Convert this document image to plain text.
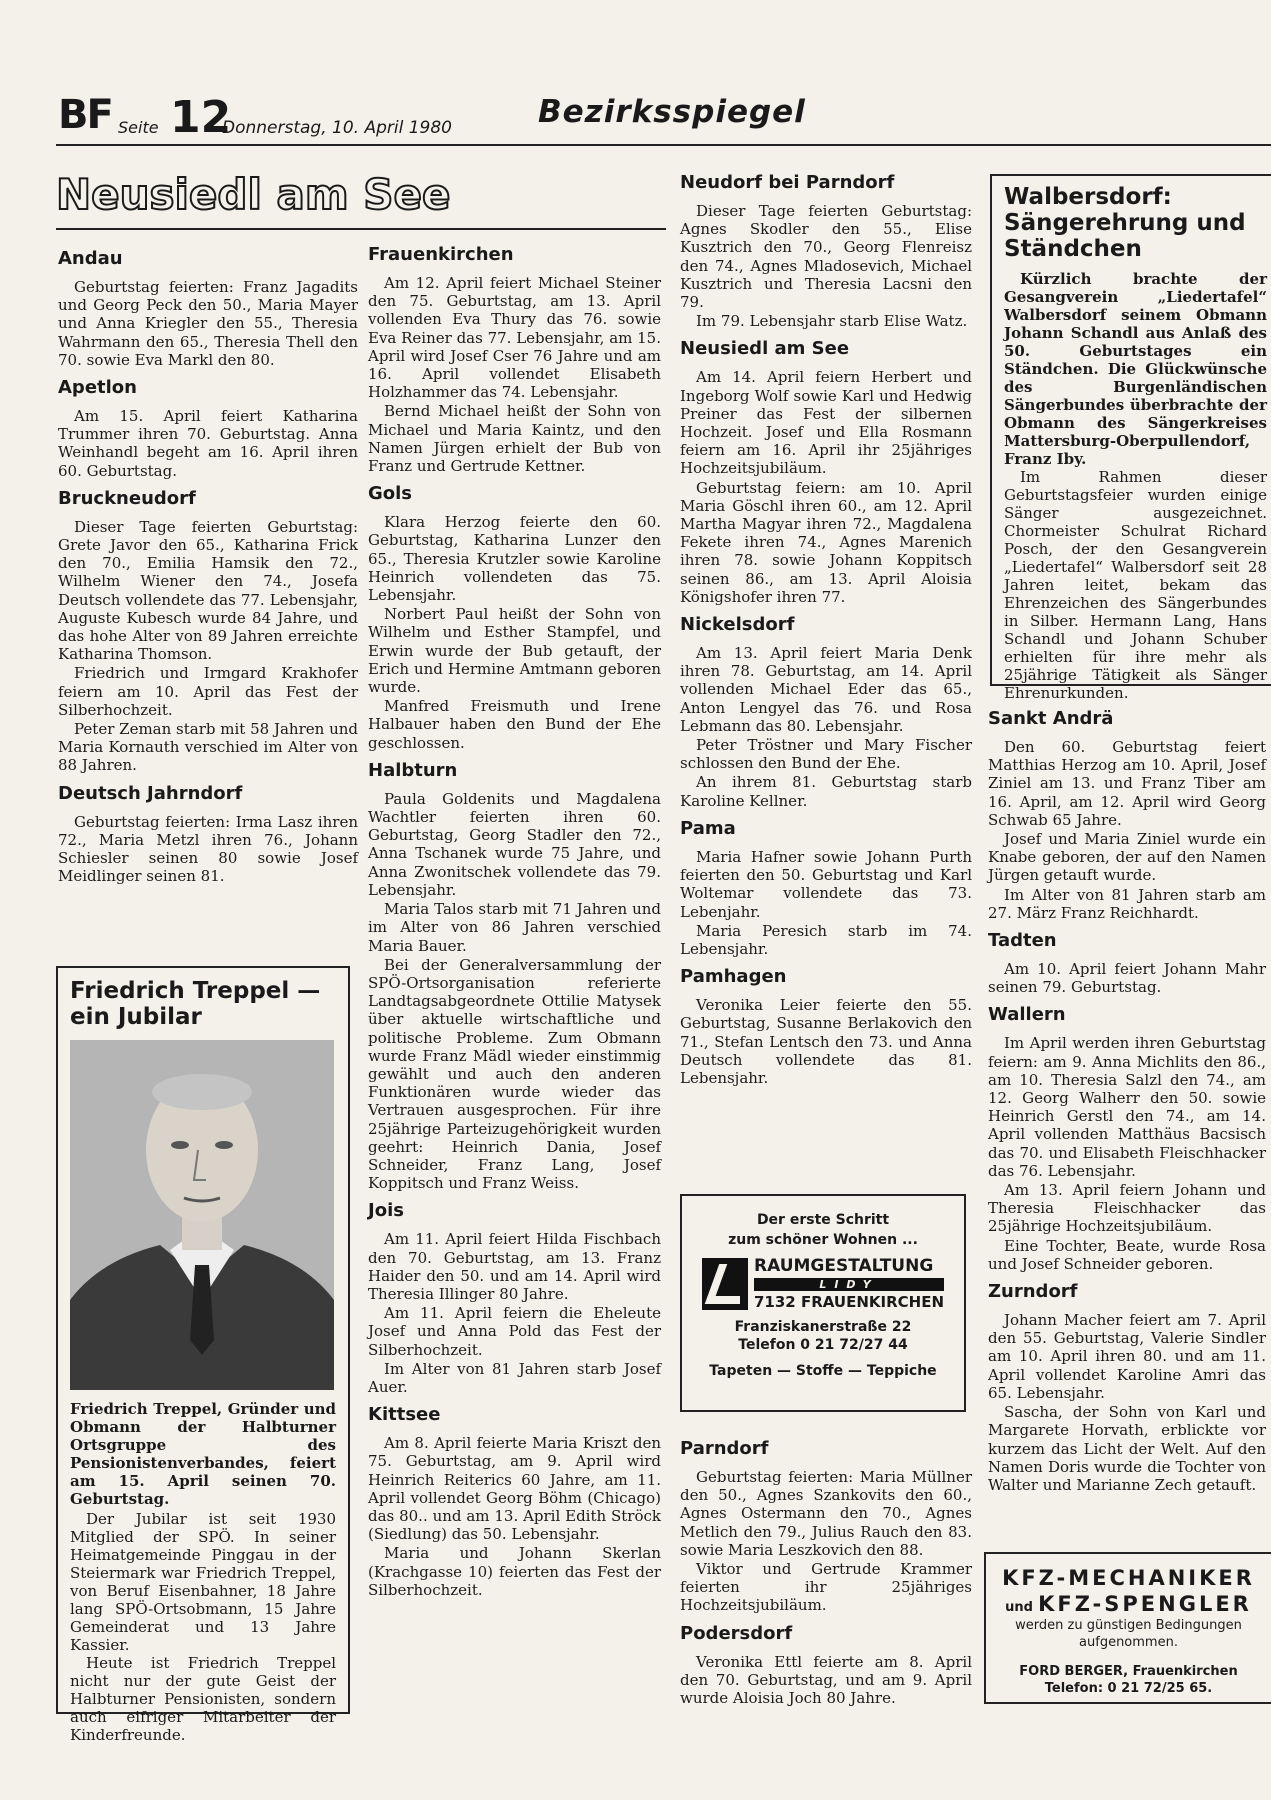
BF Seite 12
Donnerstag, 10. April 1980	Bezirksspiegel
Neusiedl am See
Andau

Geburtstag feierten: Franz Jagadits und Georg Peck den 50., Maria Mayer und Anna Kriegler den 55., Theresia Wahrmann den 65., Theresia Thell den 70. sowie Eva Markl den 80.

Apetlon

Am 15. April feiert Katharina Trummer ihren 70. Geburtstag. Anna Weinhandl begeht am 16. April ihren 60. Geburtstag.

Bruckneudorf

Dieser Tage feierten Geburtstag: Grete Javor den 65., Katharina Frick den 70., Emilia Hamsik den 72., Wilhelm Wiener den 74., Josefa Deutsch vollendete das 77. Lebensjahr, Auguste Kubesch wurde 84 Jahre, und das hohe Alter von 89 Jahren erreichte Katharina Thomson.

Friedrich und Irmgard Krakhofer feiern am 10. April das Fest der Silberhochzeit.

Peter Zeman starb mit 58 Jahren und Maria Kornauth verschied im Alter von 88 Jahren.

Deutsch Jahrndorf

Geburtstag feierten: Irma Lasz ihren 72., Maria Metzl ihren 76., Johann Schiesler seinen 80 sowie Josef Meidlinger seinen 81.

Friedrich Treppel — ein Jubilar
Friedrich Treppel, Gründer und Obmann der Halbturner Ortsgruppe des Pensionistenverbandes, feiert am 15. April seinen 70. Geburtstag.

Der Jubilar ist seit 1930 Mitglied der SPÖ. In seiner Heimatgemeinde Pinggau in der Steiermark war Friedrich Treppel, von Beruf Eisenbahner, 18 Jahre lang SPÖ-Ortsobmann, 15 Jahre Gemeinderat und 13 Jahre Kassier.

Heute ist Friedrich Treppel nicht nur der gute Geist der Halbturner Pensionisten, sondern auch eifriger Mitarbeiter der Kinderfreunde.

Frauenkirchen

Am 12. April feiert Michael Steiner den 75. Geburtstag, am 13. April vollenden Eva Thury das 76. sowie Eva Reiner das 77. Lebensjahr, am 15. April wird Josef Cser 76 Jahre und am 16. April vollendet Elisabeth Holzhammer das 74. Lebensjahr.

Bernd Michael heißt der Sohn von Michael und Maria Kaintz, und den Namen Jürgen erhielt der Bub von Franz und Gertrude Kettner.

Gols

Klara Herzog feierte den 60. Geburtstag, Katharina Lunzer den 65., Theresia Krutzler sowie Karoline Heinrich vollendeten das 75. Lebensjahr.

Norbert Paul heißt der Sohn von Wilhelm und Esther Stampfel, und Erwin wurde der Bub getauft, der Erich und Hermine Amtmann geboren wurde.

Manfred Freismuth und Irene Halbauer haben den Bund der Ehe geschlossen.

Halbturn

Paula Goldenits und Magdalena Wachtler feierten ihren 60. Geburtstag, Georg Stadler den 72., Anna Tschanek wurde 75 Jahre, und Anna Zwonitschek vollendete das 79. Lebensjahr.

Maria Talos starb mit 71 Jahren und im Alter von 86 Jahren verschied Maria Bauer.

Bei der Generalversammlung der SPÖ-Ortsorganisation referierte Landtagsabgeordnete Ottilie Matysek über aktuelle wirtschaftliche und politische Probleme. Zum Obmann wurde Franz Mädl wieder einstimmig gewählt und auch den anderen Funktionären wurde wieder das Vertrauen ausgesprochen. Für ihre 25jährige Parteizugehörigkeit wurden geehrt: Heinrich Dania, Josef Schneider, Franz Lang, Josef Koppitsch und Franz Weiss.

Jois

Am 11. April feiert Hilda Fischbach den 70. Geburtstag, am 13. Franz Haider den 50. und am 14. April wird Theresia Illinger 80 Jahre.

Am 11. April feiern die Eheleute Josef und Anna Pold das Fest der Silberhochzeit.

Im Alter von 81 Jahren starb Josef Auer.

Kittsee

Am 8. April feierte Maria Kriszt den 75. Geburtstag, am 9. April wird Heinrich Reiterics 60 Jahre, am 11. April vollendet Georg Böhm (Chicago) das 80.. und am 13. April Edith Ströck (Siedlung) das 50. Lebensjahr.

Maria und Johann Skerlan (Krachgasse 10) feierten das Fest der Silberhochzeit.

Neudorf bei Parndorf

Dieser Tage feierten Geburtstag: Agnes Skodler den 55., Elise Kusztrich den 70., Georg Flenreisz den 74., Agnes Mladosevich, Michael Kusztrich und Theresia Lacsni den 79.

Im 79. Lebensjahr starb Elise Watz.

Neusiedl am See

Am 14. April feiern Herbert und Ingeborg Wolf sowie Karl und Hedwig Preiner das Fest der silbernen Hochzeit. Josef und Ella Rosmann feiern am 16. April ihr 25jähriges Hochzeitsjubiläum.

Geburtstag feiern: am 10. April Maria Göschl ihren 60., am 12. April Martha Magyar ihren 72., Magdalena Fekete ihren 74., Agnes Marenich ihren 78. sowie Johann Koppitsch seinen 86., am 13. April Aloisia Königshofer ihren 77.

Nickelsdorf

Am 13. April feiert Maria Denk ihren 78. Geburtstag, am 14. April vollenden Michael Eder das 65., Anton Lengyel das 76. und Rosa Lebmann das 80. Lebensjahr.

Peter Tröstner und Mary Fischer schlossen den Bund der Ehe.

An ihrem 81. Geburtstag starb Karoline Kellner.

Pama

Maria Hafner sowie Johann Purth feierten den 50. Geburtstag und Karl Woltemar vollendete das 73. Lebenjahr.

Maria Peresich starb im 74. Lebensjahr.

Pamhagen

Veronika Leier feierte den 55. Geburtstag, Susanne Berlakovich den 71., Stefan Lentsch den 73. und Anna Deutsch vollendete das 81. Lebensjahr.

Der erste Schritt
zum schöner Wohnen ...
RAUMGESTALTUNG
LIDY
7132 FRAUENKIRCHEN
Franziskanerstraße 22
Telefon 0 21 72/27 44
Tapeten — Stoffe — Teppiche
Parndorf

Geburtstag feierten: Maria Müllner den 50., Agnes Szankovits den 60., Agnes Ostermann den 70., Agnes Metlich den 79., Julius Rauch den 83. sowie Maria Leszkovich den 88.

Viktor und Gertrude Krammer feierten ihr 25jähriges Hochzeitsjubiläum.

Podersdorf

Veronika Ettl feierte am 8. April den 70. Geburtstag, und am 9. April wurde Aloisia Joch 80 Jahre.

Walbersdorf: Sängerehrung und Ständchen
Kürzlich brachte der Gesangverein „Liedertafel“ Walbersdorf seinem Obmann Johann Schandl aus Anlaß des 50. Geburtstages ein Ständchen. Die Glückwünsche des Burgenländischen Sängerbundes überbrachte der Obmann des Sängerkreises Mattersburg-Oberpullendorf, Franz Iby.

Im Rahmen dieser Geburtstagsfeier wurden einige Sänger ausgezeichnet. Chormeister Schulrat Richard Posch, der den Gesangverein „Liedertafel“ Walbersdorf seit 28 Jahren leitet, bekam das Ehrenzeichen des Sängerbundes in Silber. Hermann Lang, Hans Schandl und Johann Schuber erhielten für ihre mehr als 25jährige Tätigkeit als Sänger Ehrenurkunden.

Sankt Andrä

Den 60. Geburtstag feiert Matthias Herzog am 10. April, Josef Ziniel am 13. und Franz Tiber am 16. April, am 12. April wird Georg Schwab 65 Jahre.

Josef und Maria Ziniel wurde ein Knabe geboren, der auf den Namen Jürgen getauft wurde.

Im Alter von 81 Jahren starb am 27. März Franz Reichhardt.

Tadten

Am 10. April feiert Johann Mahr seinen 79. Geburtstag.

Wallern

Im April werden ihren Geburtstag feiern: am 9. Anna Michlits den 86., am 10. Theresia Salzl den 74., am 12. Georg Walherr den 50. sowie Heinrich Gerstl den 74., am 14. April vollenden Matthäus Bacsisch das 70. und Elisabeth Fleischhacker das 76. Lebensjahr.

Am 13. April feiern Johann und Theresia Fleischhacker das 25jährige Hochzeitsjubiläum.

Eine Tochter, Beate, wurde Rosa und Josef Schneider geboren.

Zurndorf

Johann Macher feiert am 7. April den 55. Geburtstag, Valerie Sindler am 10. April ihren 80. und am 11. April vollendet Karoline Amri das 65. Lebensjahr.

Sascha, der Sohn von Karl und Margarete Horvath, erblickte vor kurzem das Licht der Welt. Auf den Namen Doris wurde die Tochter von Walter und Marianne Zech getauft.

KFZ-MECHANIKER
und KFZ-SPENGLER
werden zu günstigen Bedingungen
aufgenommen.
FORD BERGER, Frauenkirchen
Telefon: 0 21 72/25 65.
